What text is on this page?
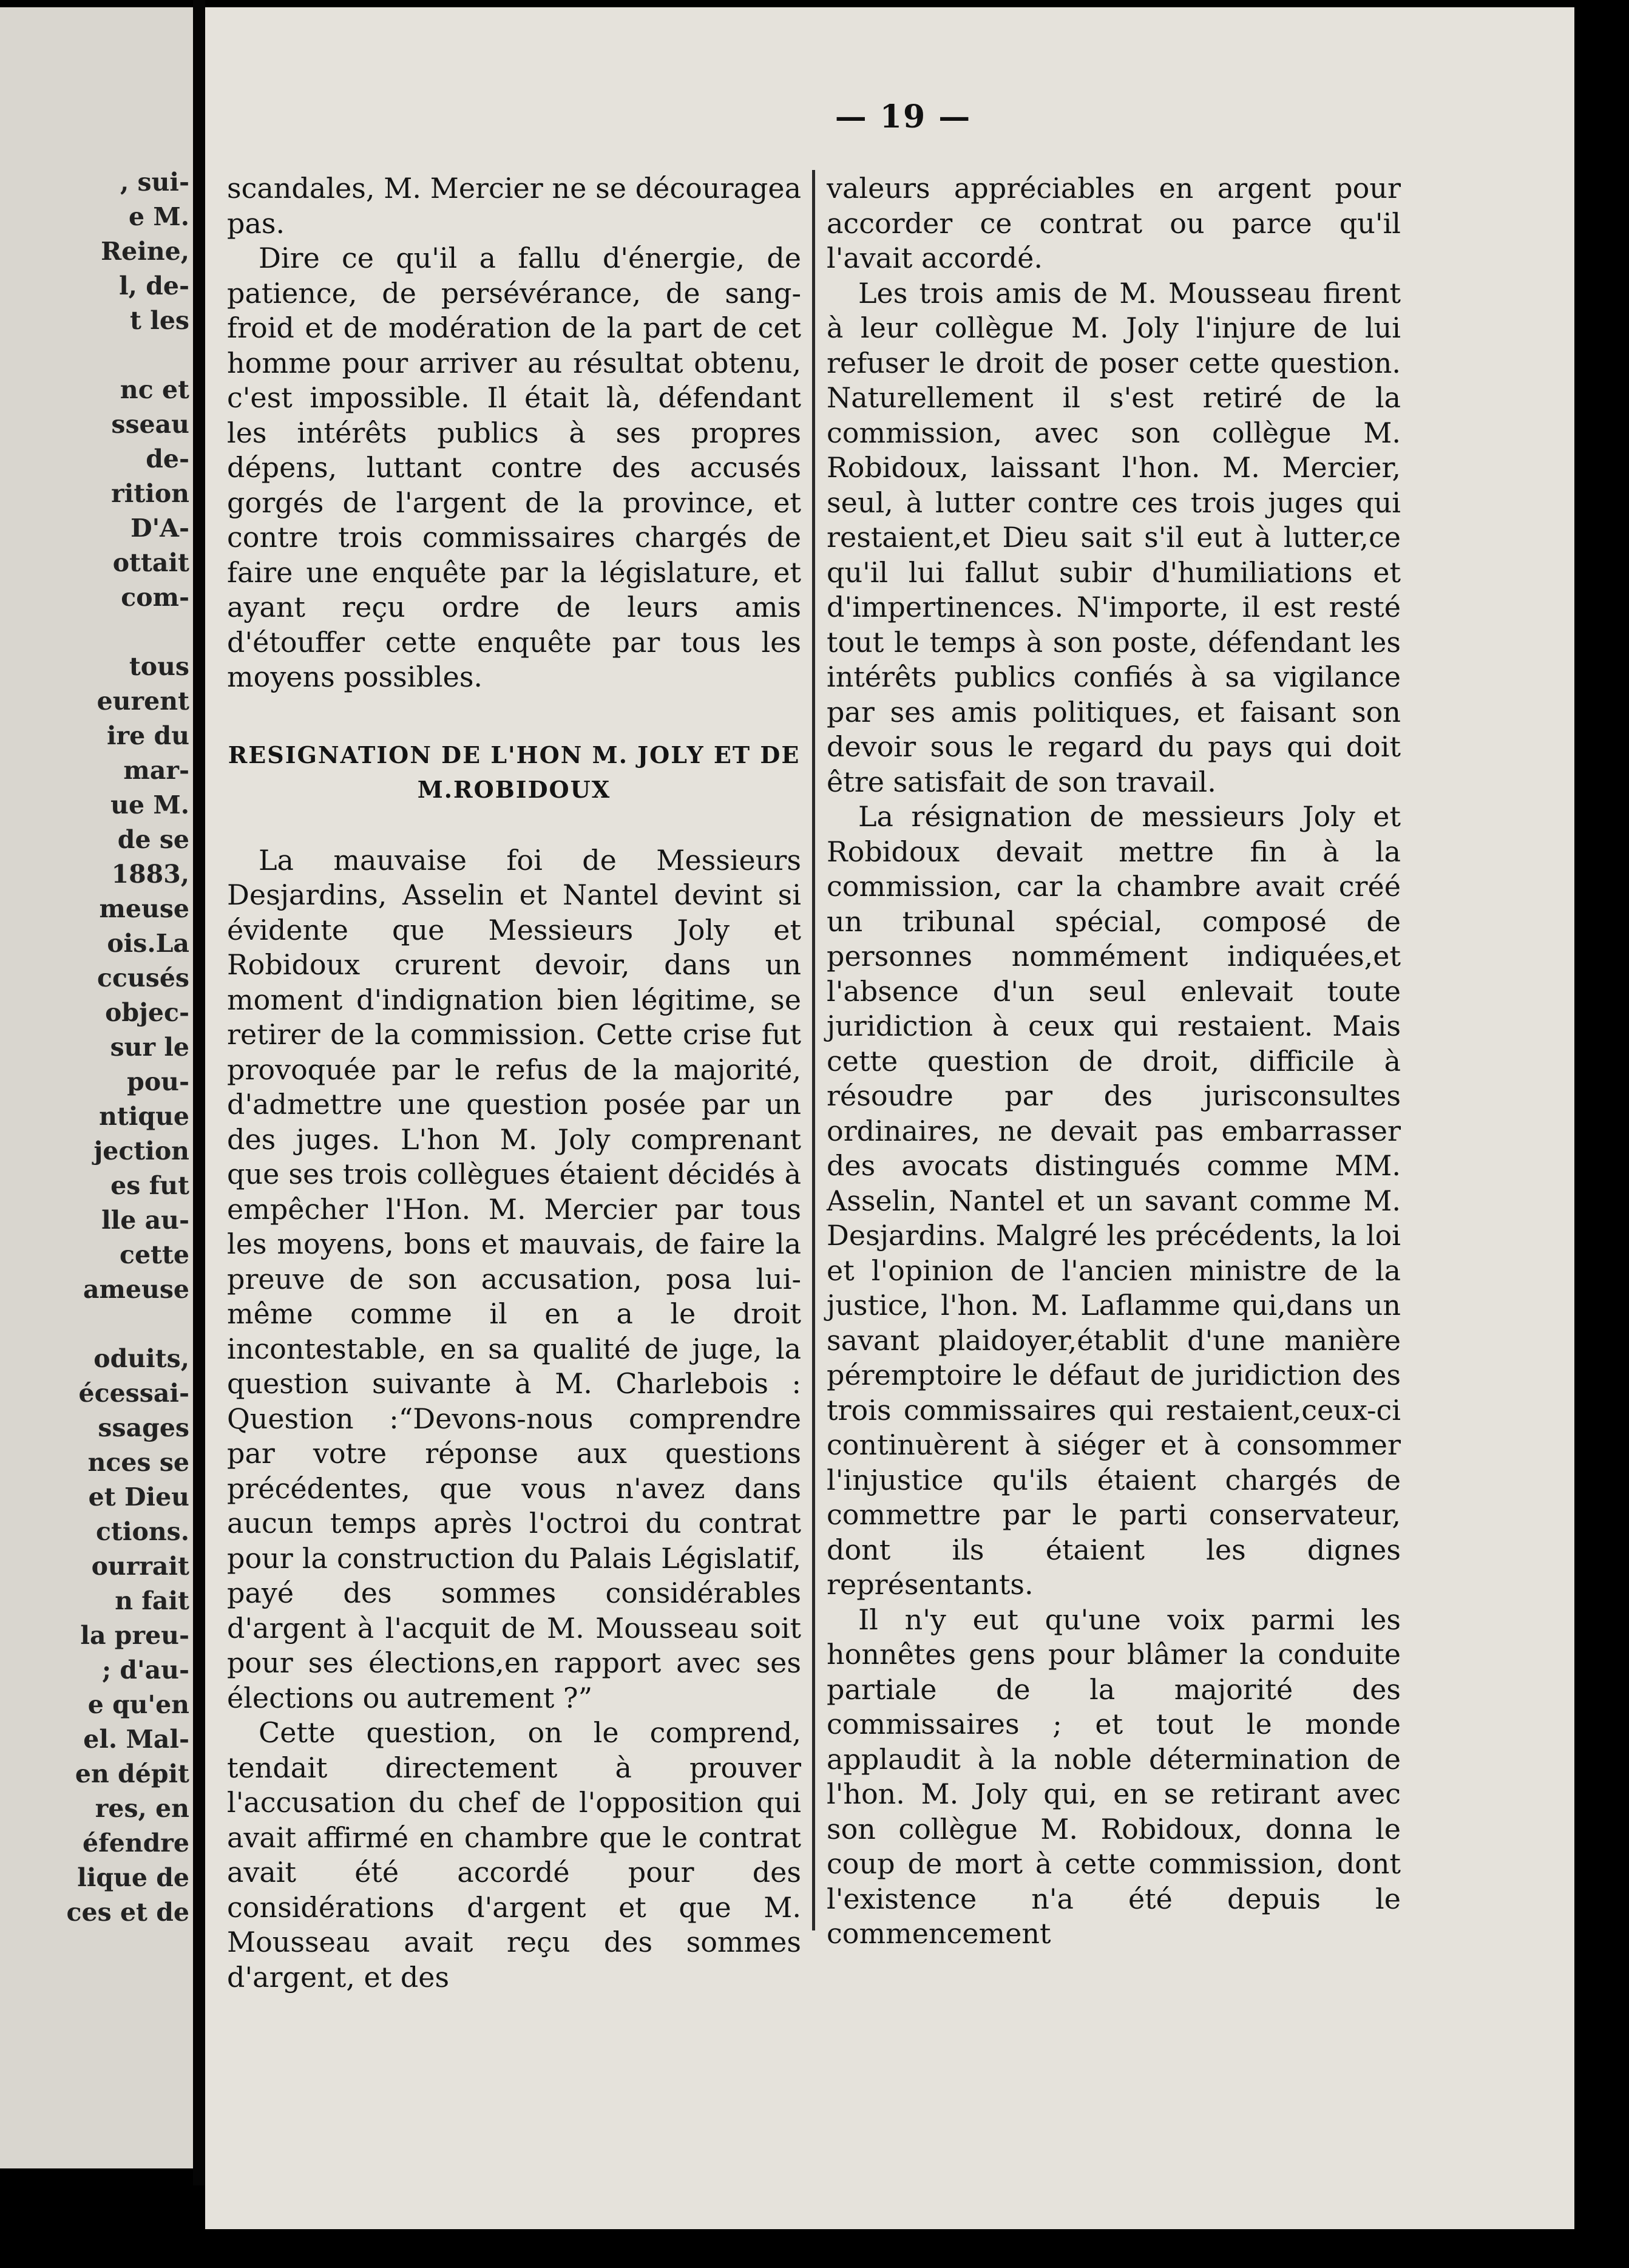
, sui-
e M.
Reine,
l, de-
t les

nc et
sseau
de-
rition
D'A-
ottait
com-

tous
eurent
ire du
mar-
ue M.
de se
1883,
meuse
ois.La
ccusés
objec-
sur le
pou-
ntique
jection
es fut
lle au-
cette
ameuse

oduits,
écessai-
ssages
nces se
et Dieu
ctions.
ourrait
n fait
la preu-
; d'au-
e qu'en
el. Mal-
en dépit
res, en
éfendre
lique de
ces et de
— 19 —

scandales, M. Mercier ne se découragea pas.

Dire ce qu'il a fallu d'énergie, de patience, de persévérance, de sang-froid et de modération de la part de cet homme pour arriver au résultat obtenu, c'est impossible. Il était là, défendant les intérêts publics à ses propres dépens, luttant contre des accusés gorgés de l'argent de la province, et contre trois commissaires chargés de faire une enquête par la législature, et ayant reçu ordre de leurs amis d'étouffer cette enquête par tous les moyens possibles.

RESIGNATION DE L'HON M. JOLY ET DE
M.ROBIDOUX

La mauvaise foi de Messieurs Desjardins, Asselin et Nantel devint si évidente que Messieurs Joly et Robidoux crurent devoir, dans un moment d'indignation bien légitime, se retirer de la commission. Cette crise fut provoquée par le refus de la majorité, d'admettre une question posée par un des juges. L'hon M. Joly comprenant que ses trois collègues étaient décidés à empêcher l'Hon. M. Mercier par tous les moyens, bons et mauvais, de faire la preuve de son accusation, posa lui-même comme il en a le droit incontestable, en sa qualité de juge, la question suivante à M. Charlebois : Question :“Devons-nous comprendre par votre réponse aux questions précédentes, que vous n'avez dans aucun temps après l'octroi du contrat pour la construction du Palais Législatif, payé des sommes considérables d'argent à l'acquit de M. Mousseau soit pour ses élections,en rapport avec ses élections ou autrement ?”

Cette question, on le comprend, tendait directement à prouver l'accusation du chef de l'opposition qui avait affirmé en chambre que le contrat avait été accordé pour des considérations d'argent et que M. Mousseau avait reçu des sommes d'argent, et des

valeurs appréciables en argent pour accorder ce contrat ou parce qu'il l'avait accordé.

Les trois amis de M. Mousseau firent à leur collègue M. Joly l'injure de lui refuser le droit de poser cette question. Naturellement il s'est retiré de la commission, avec son collègue M. Robidoux, laissant l'hon. M. Mercier, seul, à lutter contre ces trois juges qui restaient,et Dieu sait s'il eut à lutter,ce qu'il lui fallut subir d'humiliations et d'impertinences. N'importe, il est resté tout le temps à son poste, défendant les intérêts publics confiés à sa vigilance par ses amis politiques, et faisant son devoir sous le regard du pays qui doit être satisfait de son travail.

La résignation de messieurs Joly et Robidoux devait mettre fin à la commission, car la chambre avait créé un tribunal spécial, composé de personnes nommément indiquées,et l'absence d'un seul enlevait toute juridiction à ceux qui restaient. Mais cette question de droit, difficile à résoudre par des jurisconsultes ordinaires, ne devait pas embarrasser des avocats distingués comme MM. Asselin, Nantel et un savant comme M. Desjardins. Malgré les précédents, la loi et l'opinion de l'ancien ministre de la justice, l'hon. M. Laflamme qui,dans un savant plaidoyer,établit d'une manière péremptoire le défaut de juridiction des trois commissaires qui restaient,ceux-ci continuèrent à siéger et à consommer l'injustice qu'ils étaient chargés de commettre par le parti conservateur, dont ils étaient les dignes représentants.

Il n'y eut qu'une voix parmi les honnêtes gens pour blâmer la conduite partiale de la majorité des commissaires ; et tout le monde applaudit à la noble détermination de l'hon. M. Joly qui, en se retirant avec son collègue M. Robidoux, donna le coup de mort à cette commission, dont l'existence n'a été depuis le commencement
